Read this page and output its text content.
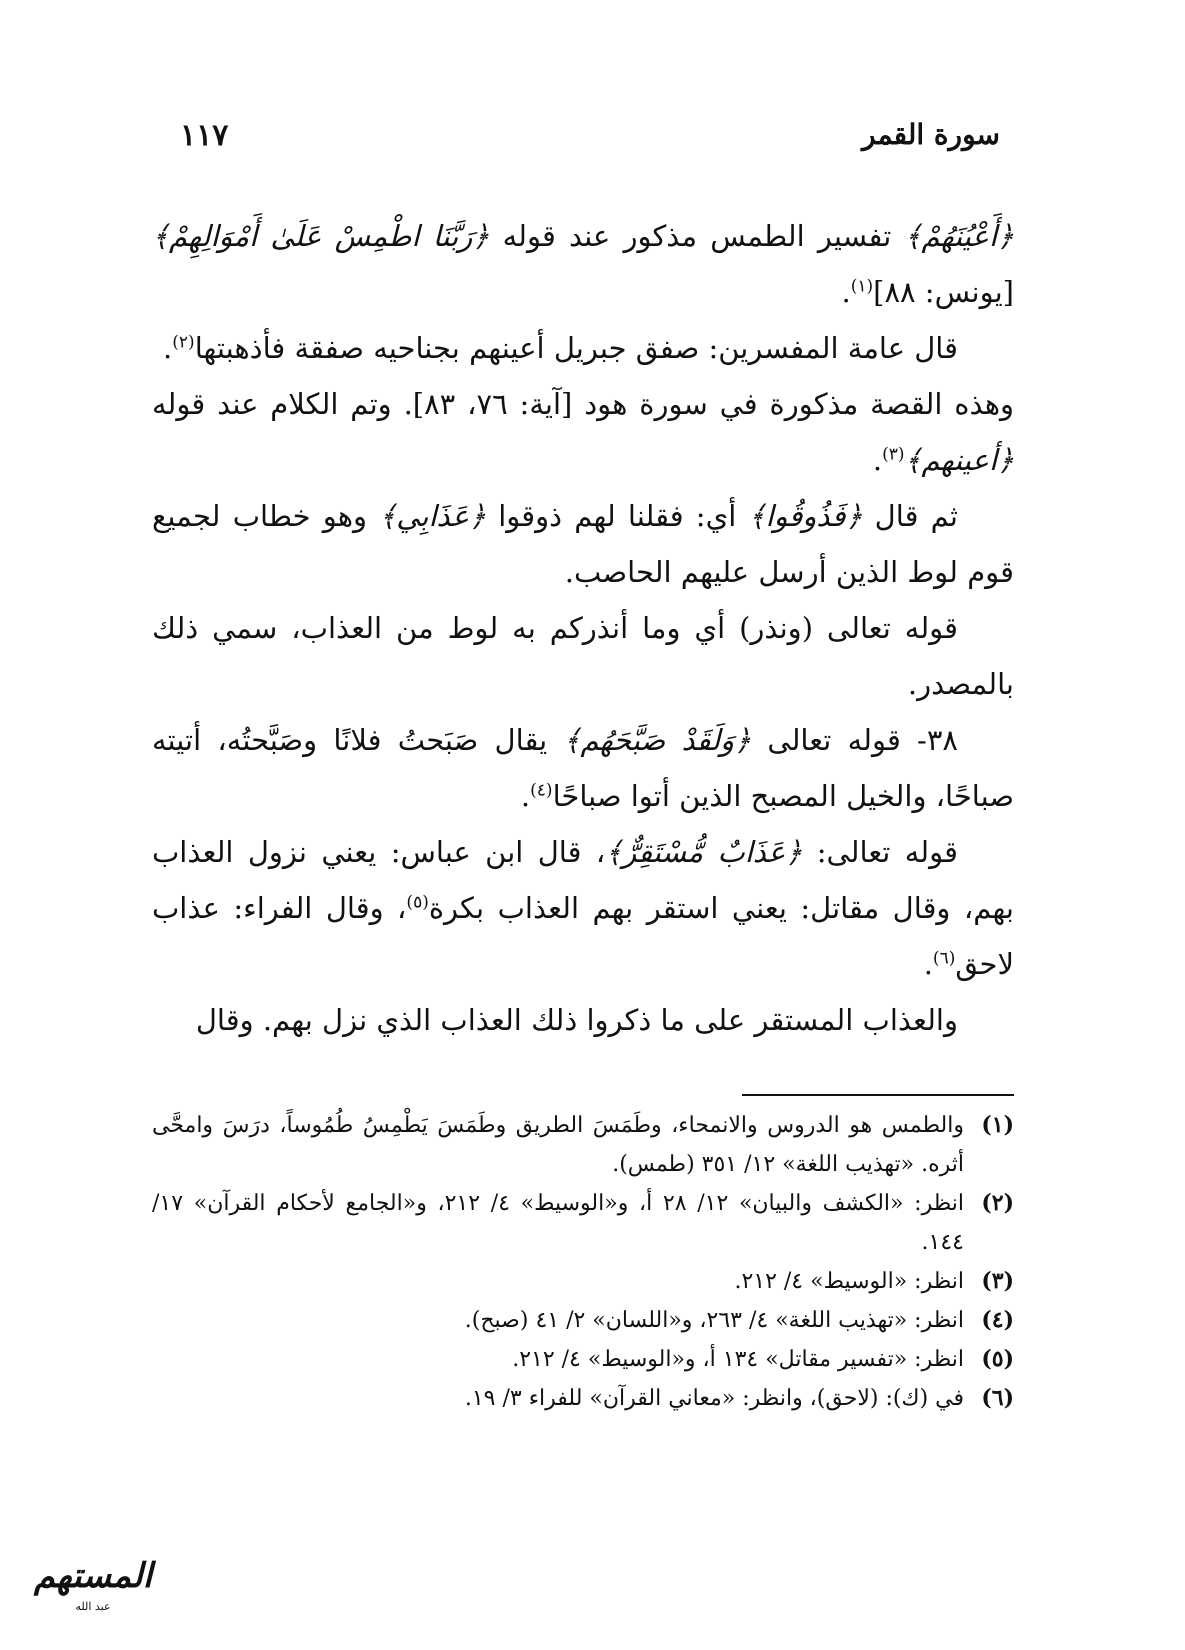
سورة القمر
١١٧

﴿أَعْيُنَهُمْ﴾ تفسير الطمس مذكور عند قوله ﴿رَبَّنَا اطْمِسْ عَلَىٰ أَمْوَالِهِمْ﴾ [يونس: ٨٨]$^{(١)}$.

قال عامة المفسرين: صفق جبريل أعينهم بجناحيه صفقة فأذهبتها$^{(٢)}$.

وهذه القصة مذكورة في سورة هود [آية: ٧٦، ٨٣]. وتم الكلام عند قوله ﴿أعينهم﴾$^{(٣)}$.

ثم قال ﴿فَذُوقُوا﴾ أي: فقلنا لهم ذوقوا ﴿عَذَابِي﴾ وهو خطاب لجميع قوم لوط الذين أرسل عليهم الحاصب.

قوله تعالى (ونذر) أي وما أنذركم به لوط من العذاب، سمي ذلك بالمصدر.

٣٨- قوله تعالى ﴿وَلَقَدْ صَبَّحَهُم﴾ يقال صَبَحتُ فلانًا وصَبَّحتُه، أتيته صباحًا، والخيل المصبح الذين أتوا صباحًا$^{(٤)}$.

قوله تعالى: ﴿عَذَابٌ مُّسْتَقِرٌّ﴾، قال ابن عباس: يعني نزول العذاب بهم، وقال مقاتل: يعني استقر بهم العذاب بكرة$^{(٥)}$، وقال الفراء: عذاب لاحق$^{(٦)}$.

والعذاب المستقر على ما ذكروا ذلك العذاب الذي نزل بهم. وقال

(١)
والطمس هو الدروس والانمحاء، وطَمَسَ الطريق وطَمَسَ يَطْمِسُ طُمُوساً، درَسَ وامحَّى أثره. «تهذيب اللغة» ١٢/ ٣٥١ (طمس).
(٢)
انظر: «الكشف والبيان» ١٢/ ٢٨ أ، و«الوسيط» ٤/ ٢١٢، و«الجامع لأحكام القرآن» ١٧/ ١٤٤.
(٣)
انظر: «الوسيط» ٤/ ٢١٢.
(٤)
انظر: «تهذيب اللغة» ٤/ ٢٦٣، و«اللسان» ٢/ ٤١ (صبح).
(٥)
انظر: «تفسير مقاتل» ١٣٤ أ، و«الوسيط» ٤/ ٢١٢.
(٦)
في (ك): (لاحق)، وانظر: «معاني القرآن» للفراء ٣/ ١٩.
المستهم
عبد الله
